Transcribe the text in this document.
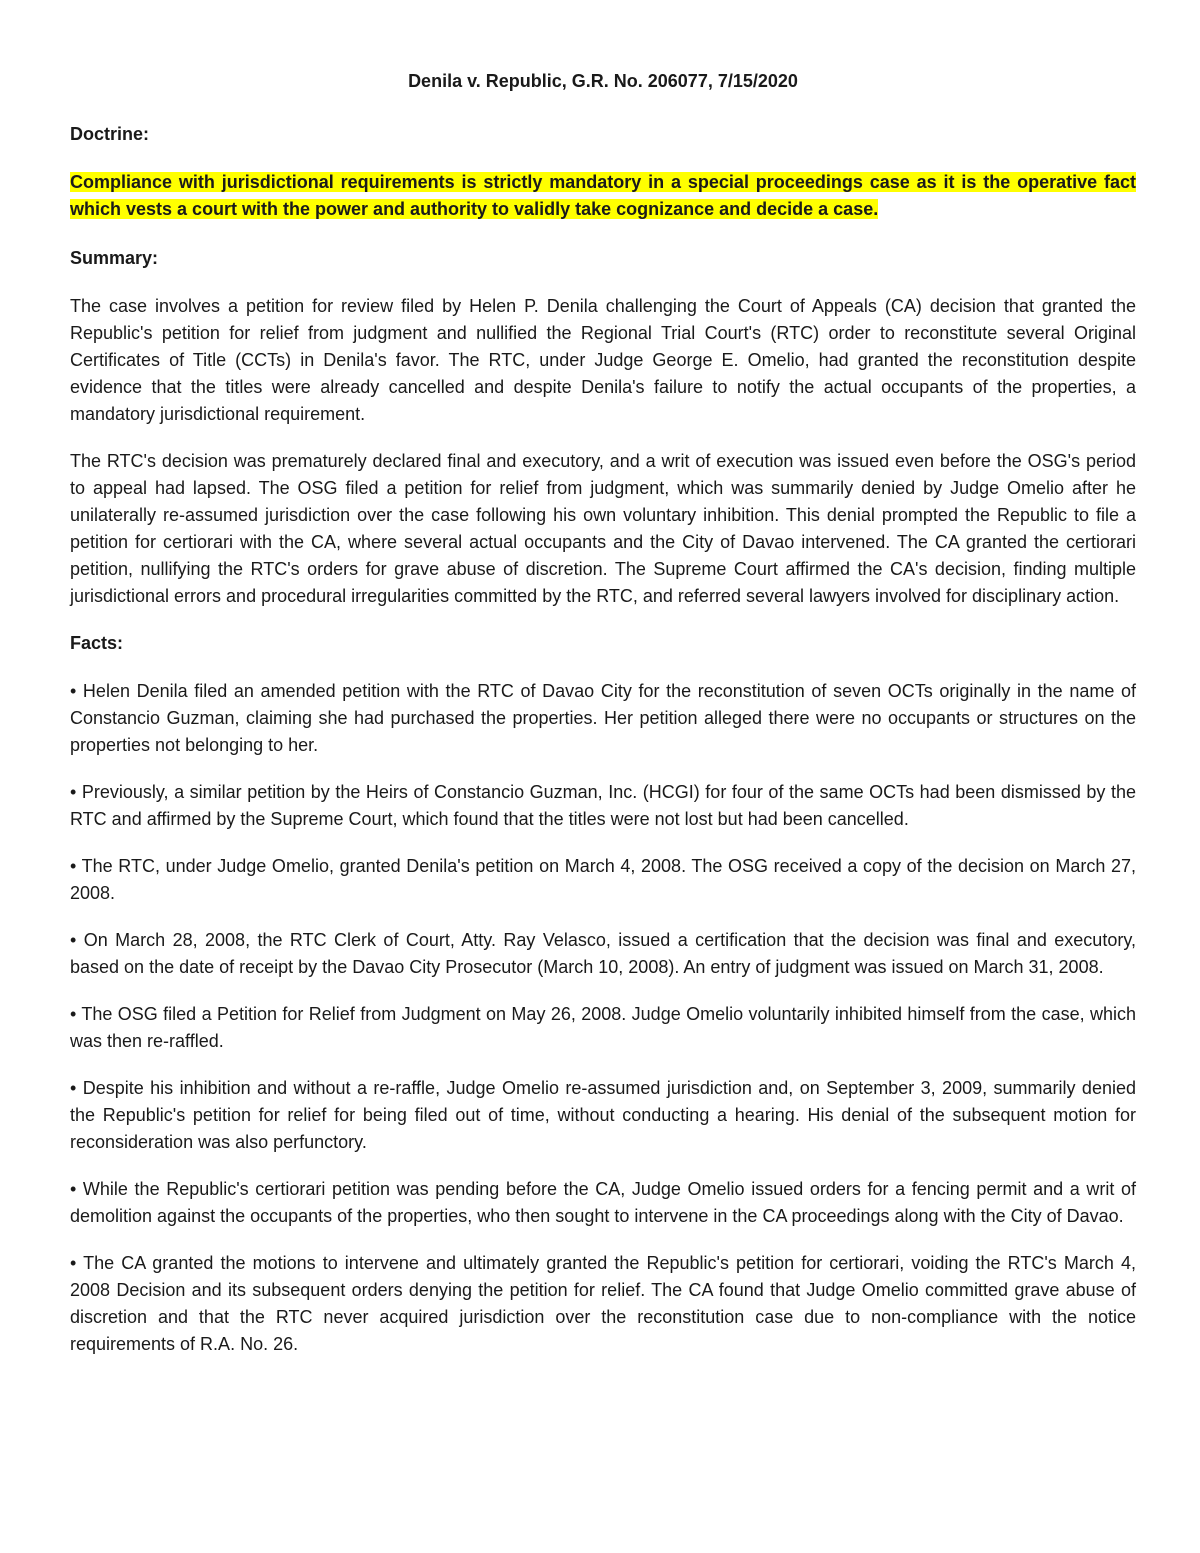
Denila v. Republic, G.R. No. 206077, 7/15/2020
Doctrine:
Compliance with jurisdictional requirements is strictly mandatory in a special proceedings case as it is the operative fact which vests a court with the power and authority to validly take cognizance and decide a case.
Summary:
The case involves a petition for review filed by Helen P. Denila challenging the Court of Appeals (CA) decision that granted the Republic's petition for relief from judgment and nullified the Regional Trial Court's (RTC) order to reconstitute several Original Certificates of Title (CCTs) in Denila's favor. The RTC, under Judge George E. Omelio, had granted the reconstitution despite evidence that the titles were already cancelled and despite Denila's failure to notify the actual occupants of the properties, a mandatory jurisdictional requirement.
The RTC's decision was prematurely declared final and executory, and a writ of execution was issued even before the OSG's period to appeal had lapsed. The OSG filed a petition for relief from judgment, which was summarily denied by Judge Omelio after he unilaterally re-assumed jurisdiction over the case following his own voluntary inhibition. This denial prompted the Republic to file a petition for certiorari with the CA, where several actual occupants and the City of Davao intervened. The CA granted the certiorari petition, nullifying the RTC's orders for grave abuse of discretion. The Supreme Court affirmed the CA's decision, finding multiple jurisdictional errors and procedural irregularities committed by the RTC, and referred several lawyers involved for disciplinary action.
Facts:
• Helen Denila filed an amended petition with the RTC of Davao City for the reconstitution of seven OCTs originally in the name of Constancio Guzman, claiming she had purchased the properties. Her petition alleged there were no occupants or structures on the properties not belonging to her.
• Previously, a similar petition by the Heirs of Constancio Guzman, Inc. (HCGI) for four of the same OCTs had been dismissed by the RTC and affirmed by the Supreme Court, which found that the titles were not lost but had been cancelled.
• The RTC, under Judge Omelio, granted Denila's petition on March 4, 2008. The OSG received a copy of the decision on March 27, 2008.
• On March 28, 2008, the RTC Clerk of Court, Atty. Ray Velasco, issued a certification that the decision was final and executory, based on the date of receipt by the Davao City Prosecutor (March 10, 2008). An entry of judgment was issued on March 31, 2008.
• The OSG filed a Petition for Relief from Judgment on May 26, 2008. Judge Omelio voluntarily inhibited himself from the case, which was then re-raffled.
• Despite his inhibition and without a re-raffle, Judge Omelio re-assumed jurisdiction and, on September 3, 2009, summarily denied the Republic's petition for relief for being filed out of time, without conducting a hearing. His denial of the subsequent motion for reconsideration was also perfunctory.
• While the Republic's certiorari petition was pending before the CA, Judge Omelio issued orders for a fencing permit and a writ of demolition against the occupants of the properties, who then sought to intervene in the CA proceedings along with the City of Davao.
• The CA granted the motions to intervene and ultimately granted the Republic's petition for certiorari, voiding the RTC's March 4, 2008 Decision and its subsequent orders denying the petition for relief. The CA found that Judge Omelio committed grave abuse of discretion and that the RTC never acquired jurisdiction over the reconstitution case due to non-compliance with the notice requirements of R.A. No. 26.
